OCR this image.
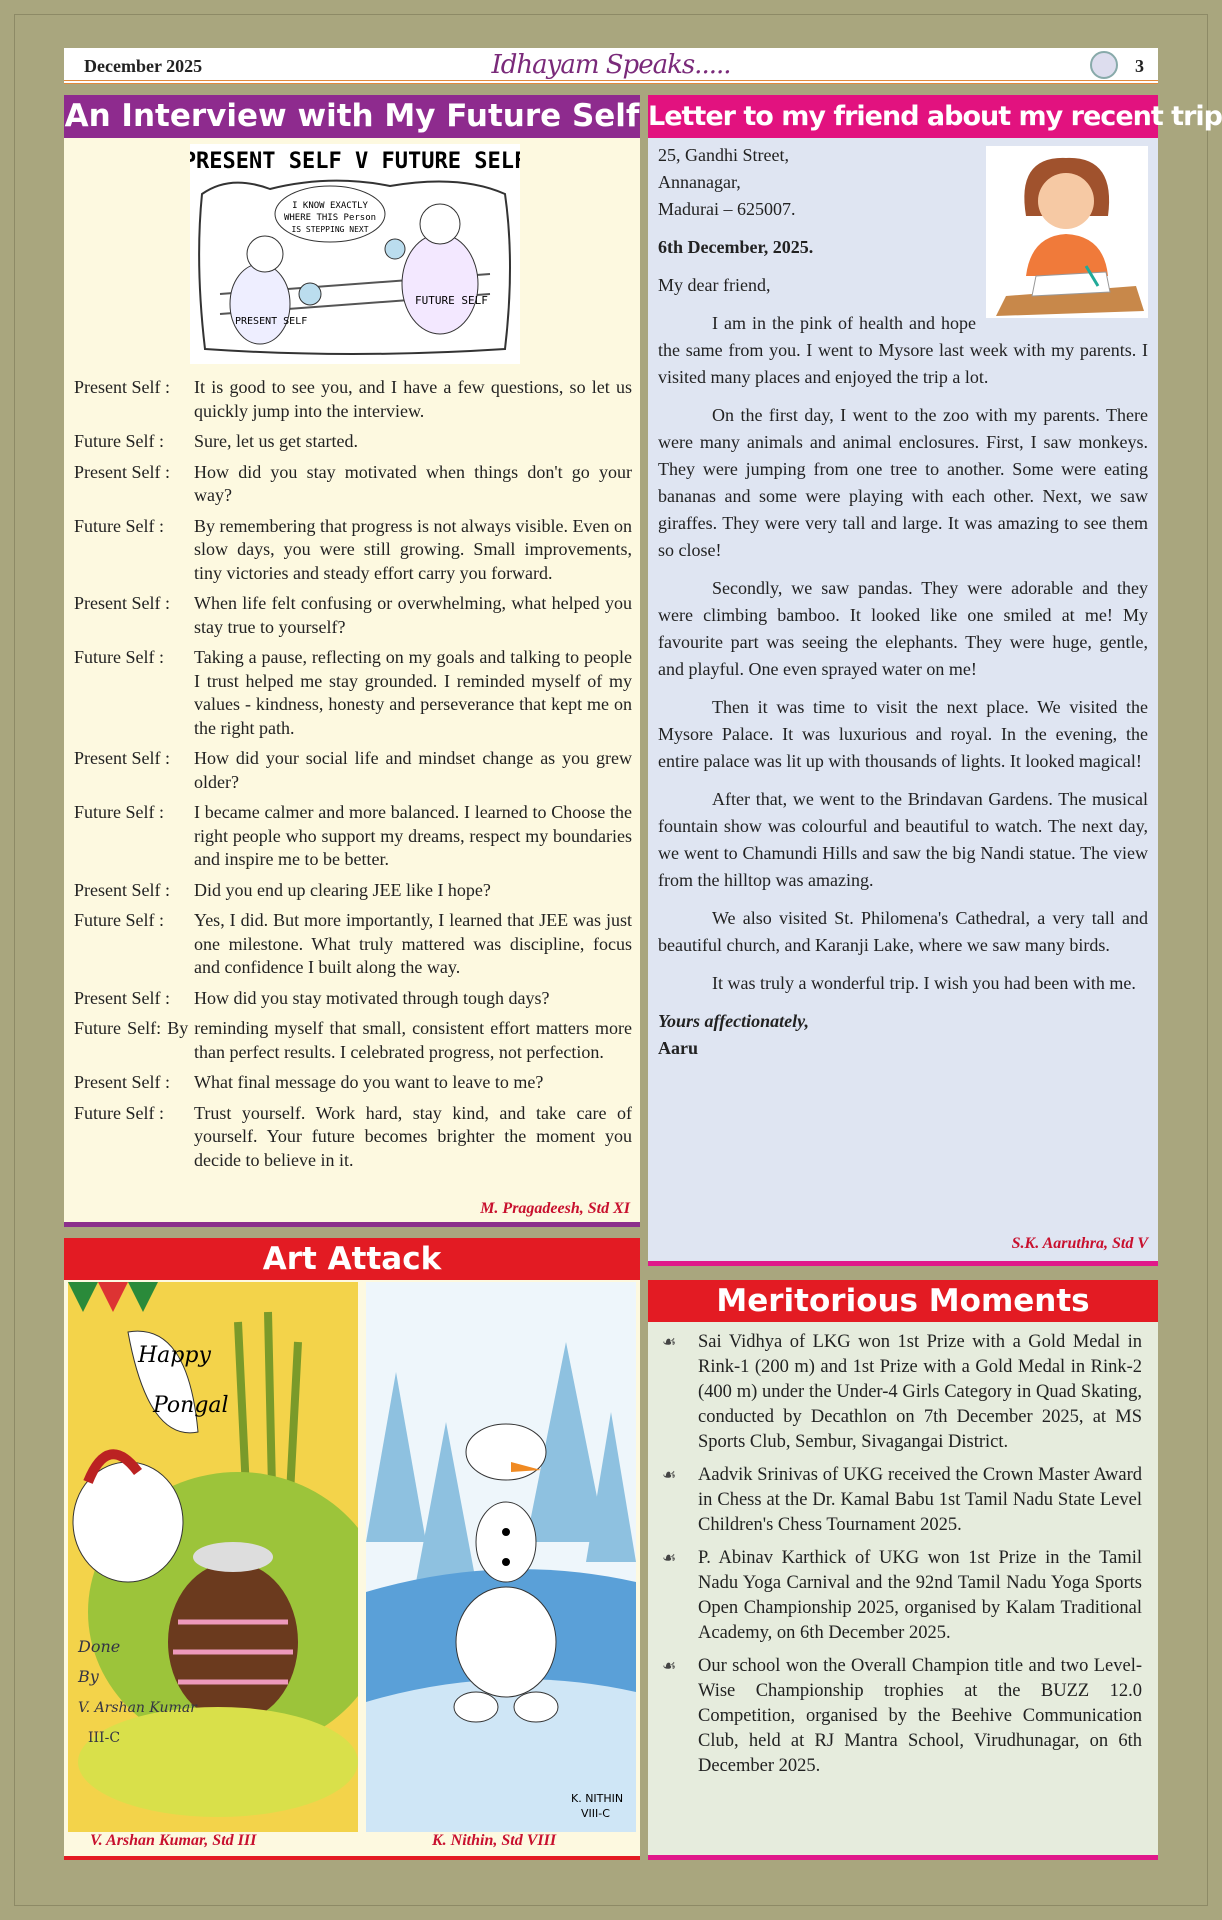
December 2025	Idhayam Speaks.....	3
An Interview with My Future Self
PRESENT SELF V FUTURE SELF
I KNOW EXACTLY
WHERE THIS Person
IS STEPPING NEXT
PRESENT SELF
FUTURE SELF
Present Self :	It is good to see you, and I have a few questions, so let us quickly jump into the interview.
Future Self :	Sure, let us get started.
Present Self :	How did you stay motivated when things don't go your way?
Future Self :	By remembering that progress is not always visible. Even on slow days, you were still growing. Small improvements, tiny victories and steady effort carry you forward.
Present Self :	When life felt confusing or overwhelming, what helped you stay true to yourself?
Future Self :	Taking a pause, reflecting on my goals and talking to people I trust helped me stay grounded. I reminded myself of my values - kindness, honesty and perseverance that kept me on the right path.
Present Self :	How did your social life and mindset change as you grew older?
Future Self :	I became calmer and more balanced. I learned to Choose the right people who support my dreams, respect my boundaries and inspire me to be better.
Present Self :	Did you end up clearing JEE like I hope?
Future Self :	Yes, I did. But more importantly, I learned that JEE was just one milestone. What truly mattered was discipline, focus and confidence I built along the way.
Present Self :	How did you stay motivated through tough days?
Future Self: By reminding myself that small, consistent effort matters more than perfect results. I celebrated progress, not perfection.
Present Self :	What final message do you want to leave to me?
Future Self :	Trust yourself. Work hard, stay kind, and take care of yourself. Your future becomes brighter the moment you decide to believe in it.
M. Pragadeesh, Std XI
Letter to my friend about my recent trip
25, Gandhi Street,
Annanagar,
Madurai – 625007.

6th December, 2025.

My dear friend,

I am in the pink of health and hope the same from you. I went to Mysore last week with my parents. I visited many places and enjoyed the trip a lot.

On the first day, I went to the zoo with my parents. There were many animals and animal enclosures. First, I saw monkeys. They were jumping from one tree to another. Some were eating bananas and some were playing with each other. Next, we saw giraffes. They were very tall and large. It was amazing to see them so close!

Secondly, we saw pandas. They were adorable and they were climbing bamboo. It looked like one smiled at me! My favourite part was seeing the elephants. They were huge, gentle, and playful. One even sprayed water on me!

Then it was time to visit the next place. We visited the Mysore Palace. It was luxurious and royal. In the evening, the entire palace was lit up with thousands of lights. It looked magical!

After that, we went to the Brindavan Gardens. The musical fountain show was colourful and beautiful to watch. The next day, we went to Chamundi Hills and saw the big Nandi statue. The view from the hilltop was amazing.

We also visited St. Philomena's Cathedral, a very tall and beautiful church, and Karanji Lake, where we saw many birds.

It was truly a wonderful trip. I wish you had been with me.

Yours affectionately,
Aaru
S.K. Aaruthra, Std V
Art Attack
Happy
Pongal
Done
By
V. Arshan Kumar
III-C
K. NITHIN
VIII-C
V. Arshan Kumar, Std III	K. Nithin, Std VIII
Meritorious Moments
☙	Sai Vidhya of LKG won 1st Prize with a Gold Medal in Rink-1 (200 m) and 1st Prize with a Gold Medal in Rink-2 (400 m) under the Under-4 Girls Category in Quad Skating, conducted by Decathlon on 7th December 2025, at MS Sports Club, Sembur, Sivagangai District.
☙	Aadvik Srinivas of UKG received the Crown Master Award in Chess at the Dr. Kamal Babu 1st Tamil Nadu State Level Children's Chess Tournament 2025.
☙	P. Abinav Karthick of UKG won 1st Prize in the Tamil Nadu Yoga Carnival and the 92nd Tamil Nadu Yoga Sports Open Championship 2025, organised by Kalam Traditional Academy, on 6th December 2025.
☙	Our school won the Overall Champion title and two Level-Wise Championship trophies at the BUZZ 12.0 Competition, organised by the Beehive Communication Club, held at RJ Mantra School, Virudhunagar, on 6th December 2025.
